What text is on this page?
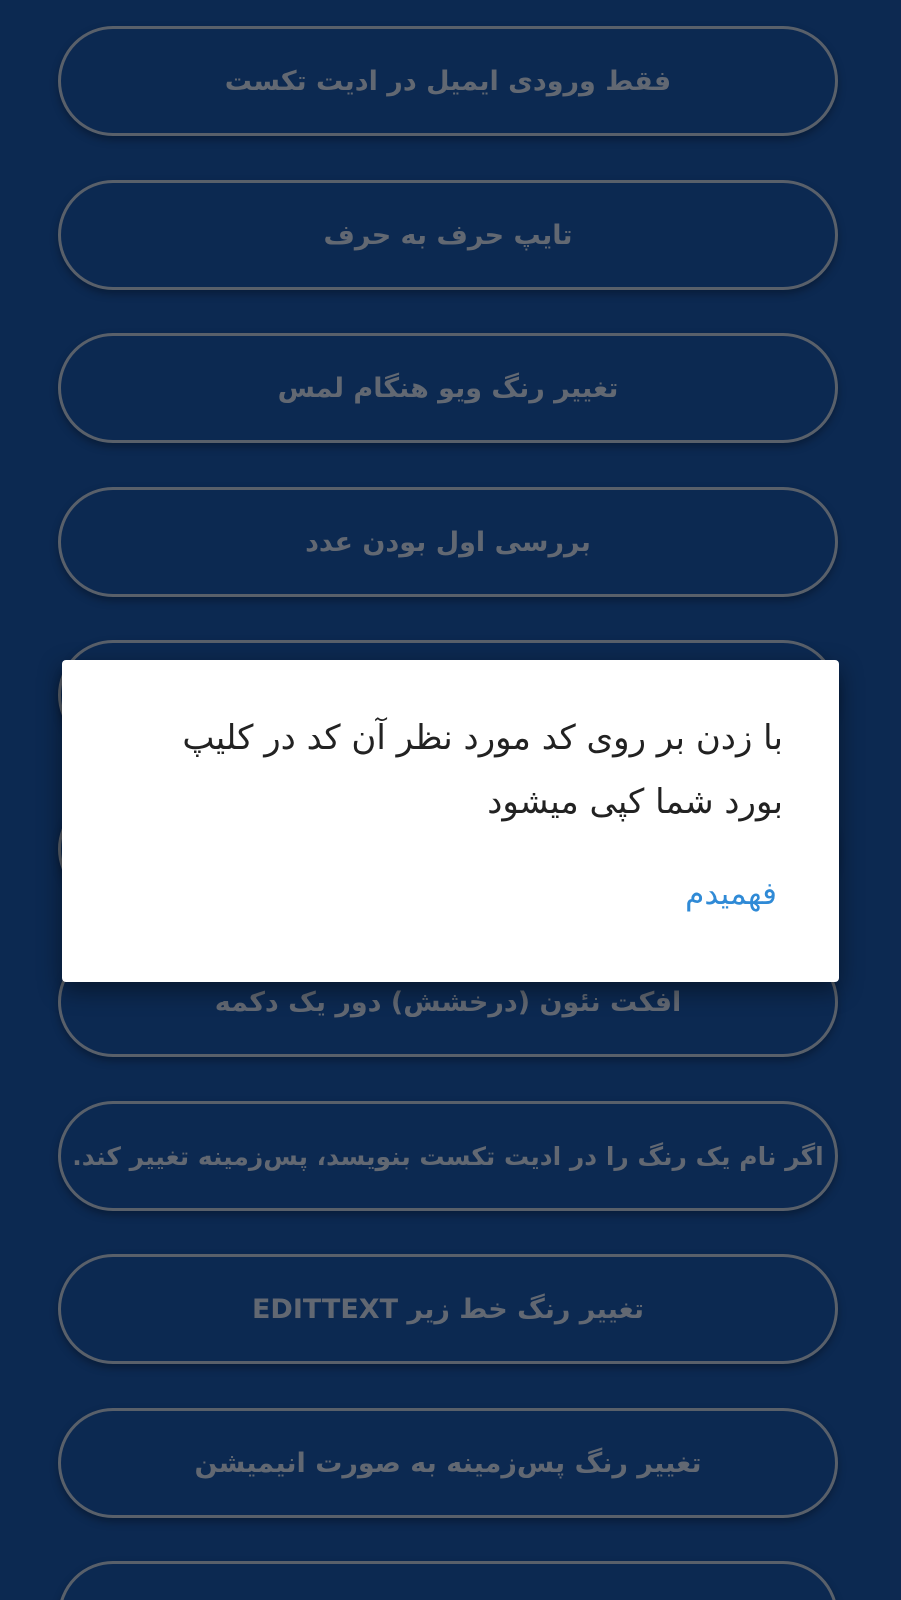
فقط ورودی ایمیل در ادیت تکست
تایپ حرف به حرف
تغییر رنگ ویو هنگام لمس
بررسی اول بودن عدد
افکت نئون (درخشش) دور یک دکمه
اگر نام یک رنگ را در ادیت تکست بنویسد، پس‌زمینه تغییر کند.
تغییر رنگ خط زیر EDITTEXT
تغییر رنگ پس‌زمینه به صورت انیمیشن
با زدن بر روی کد مورد نظر آن کد در کلیپ بورد شما کپی میشود
فهمیدم
